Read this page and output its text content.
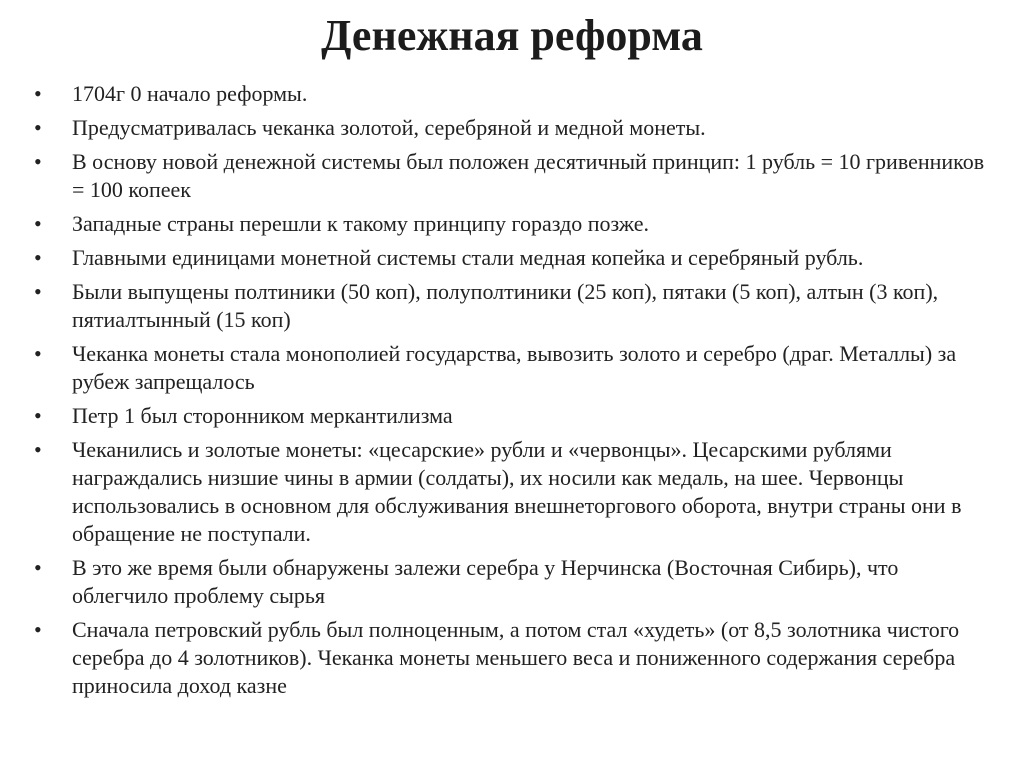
Денежная реформа
•	1704г 0 начало реформы.
•	Предусматривалась чеканка золотой, серебряной и медной монеты.
•	В основу новой денежной системы был положен десятичный принцип: 1 рубль = 10 гривенников = 100 копеек
•	Западные страны перешли к такому принципу гораздо позже.
•	Главными единицами монетной системы стали медная копейка и серебряный рубль.
•	Были выпущены полтиники (50 коп), полуполтиники (25 коп), пятаки (5 коп), алтын (3 коп), пятиалтынный (15 коп)
•	Чеканка монеты стала монополией государства, вывозить золото и серебро (драг. Металлы) за рубеж запрещалось
•	Петр 1 был сторонником меркантилизма
•	Чеканились и золотые монеты: «цесарские» рубли и «червонцы». Цесарскими рублями награждались низшие чины в армии (солдаты), их носили как медаль, на шее. Червонцы использовались в основном для обслуживания внешнеторгового оборота, внутри страны они в обращение не поступали.
•	В это же время были обнаружены залежи серебра у Нерчинска (Восточная Сибирь), что облегчило проблему сырья
•	Сначала петровский рубль был полноценным, а потом стал «худеть» (от 8,5 золотника чистого серебра до 4 золотников). Чеканка монеты меньшего веса и пониженного содержания серебра приносила доход казне
